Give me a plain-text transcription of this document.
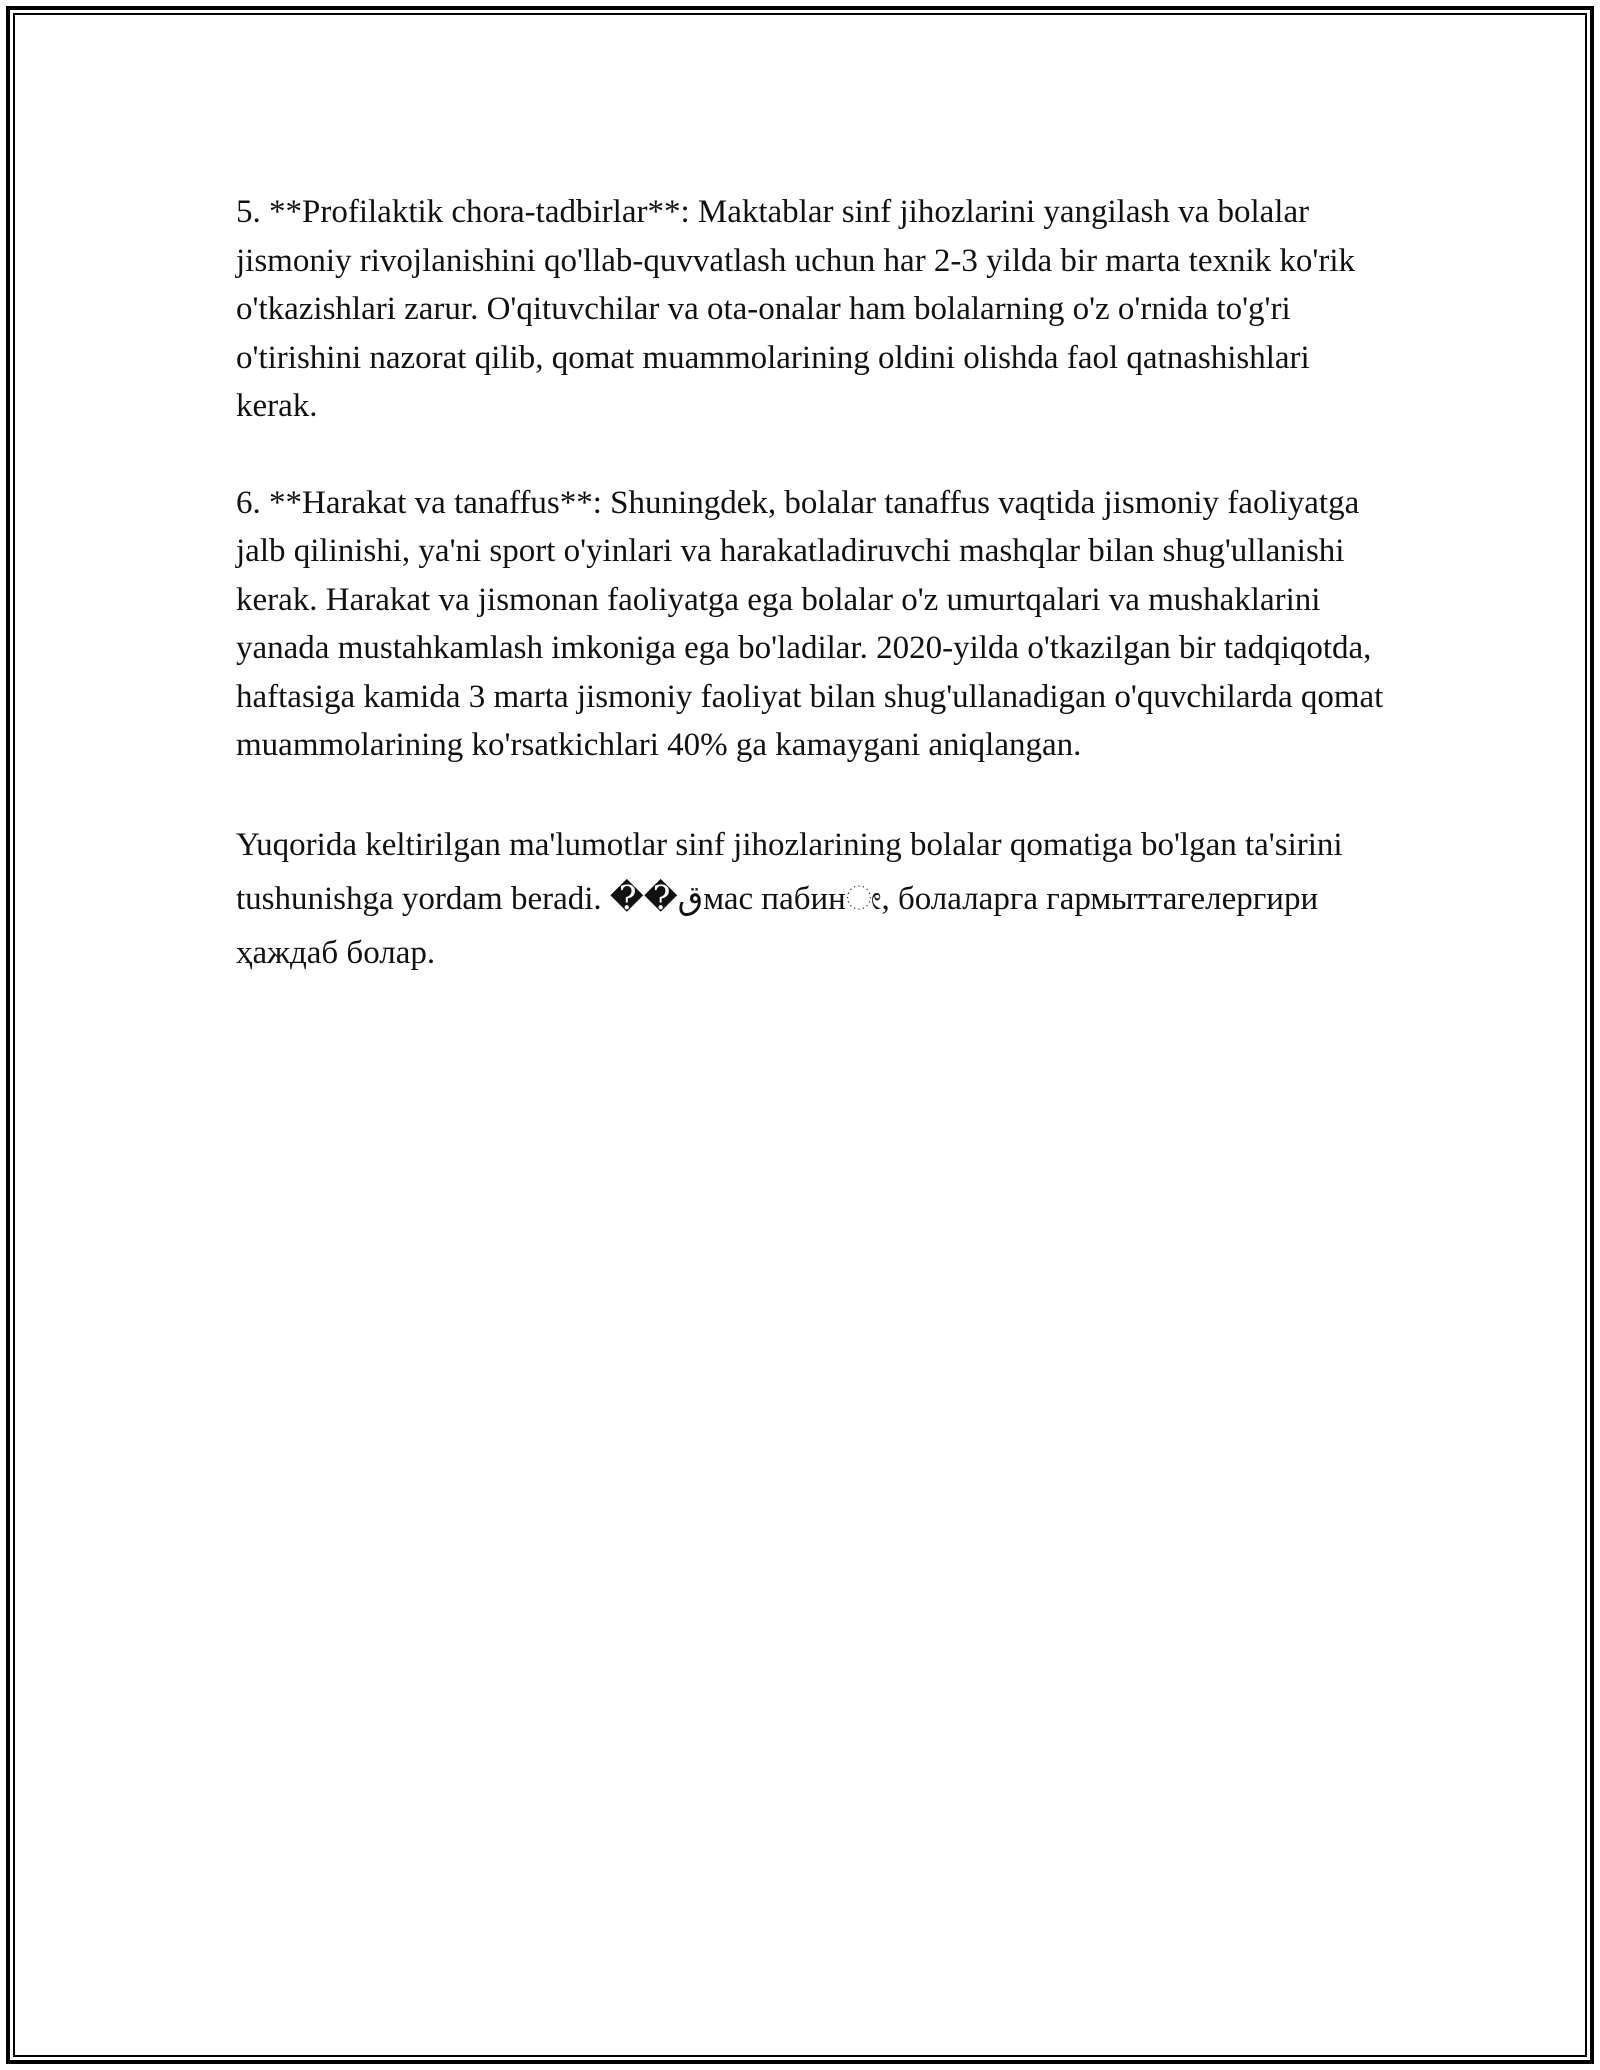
5. **Profilaktik chora-tadbirlar**: Maktablar sinf jihozlarini yangilash va bolalar jismoniy rivojlanishini qo'llab-quvvatlash uchun har 2-3 yilda bir marta texnik ko'rik o'tkazishlari zarur. O'qituvchilar va ota-onalar ham bolalarning o'z o'rnida to'g'ri o'tirishini nazorat qilib, qomat muammolarining oldini olishda faol qatnashishlari kerak.

6. **Harakat va tanaffus**: Shuningdek, bolalar tanaffus vaqtida jismoniy faoliyatga jalb qilinishi, ya'ni sport o'yinlari va harakatladiruvchi mashqlar bilan shug'ullanishi kerak. Harakat va jismonan faoliyatga ega bolalar o'z umurtqalari va mushaklarini yanada mustahkamlash imkoniga ega bo'ladilar. 2020-yilda o'tkazilgan bir tadqiqotda, haftasiga kamida 3 marta jismoniy faoliyat bilan shug'ullanadigan o'quvchilarda qomat muammolarining ko'rsatkichlari 40% ga kamaygani aniqlangan.

Yuqorida keltirilgan ma'lumotlar sinf jihozlarining bolalar qomatiga bo'lgan ta'sirini tushunishga yordam beradi. ��قмас пабинೕ, болаларга гармыттагелергири ҳаждаб болар.
